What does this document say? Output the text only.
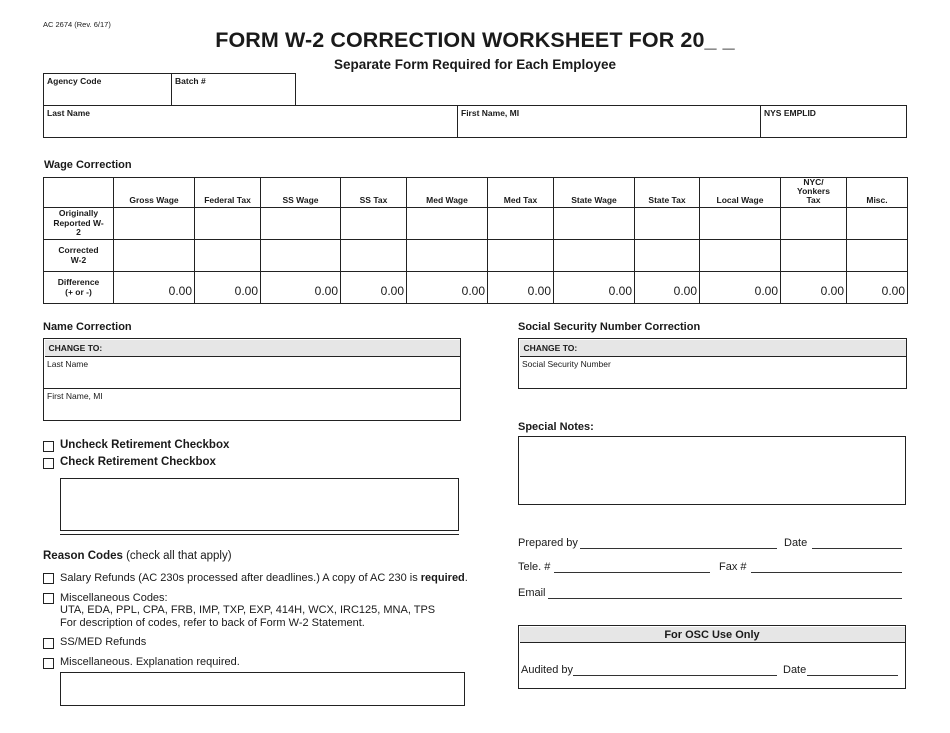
AC 2674 (Rev. 6/17)
FORM W-2 CORRECTION WORKSHEET FOR 20_ _
Separate Form Required for Each Employee
Agency Code	Batch #
Last Name	First Name, MI	NYS EMPLID
Wage Correction
	Gross Wage	Federal Tax	SS Wage	SS Tax	Med Wage	Med Tax	State Wage	State Tax	Local Wage	NYC/ Yonkers Tax	Misc.
Originally Reported W-2											
Corrected W-2											
Difference (+ or -)	0.00	0.00	0.00	0.00	0.00	0.00	0.00	0.00	0.00	0.00	0.00
Name Correction
CHANGE TO:
Last Name
First Name, MI
Uncheck Retirement Checkbox
Check Retirement Checkbox
Reason Codes (check all that apply)
Salary Refunds (AC 230s processed after deadlines.) A copy of AC 230 is required.
Miscellaneous Codes:
UTA, EDA, PPL, CPA, FRB, IMP, TXP, EXP, 414H, WCX, IRC125, MNA, TPS
For description of codes, refer to back of Form W-2 Statement.
SS/MED Refunds
Miscellaneous. Explanation required.
Social Security Number Correction
CHANGE TO:
Social Security Number
Special Notes:
Prepared by	Date
Tele. #	Fax #
Email
For OSC Use Only
Audited by	Date
